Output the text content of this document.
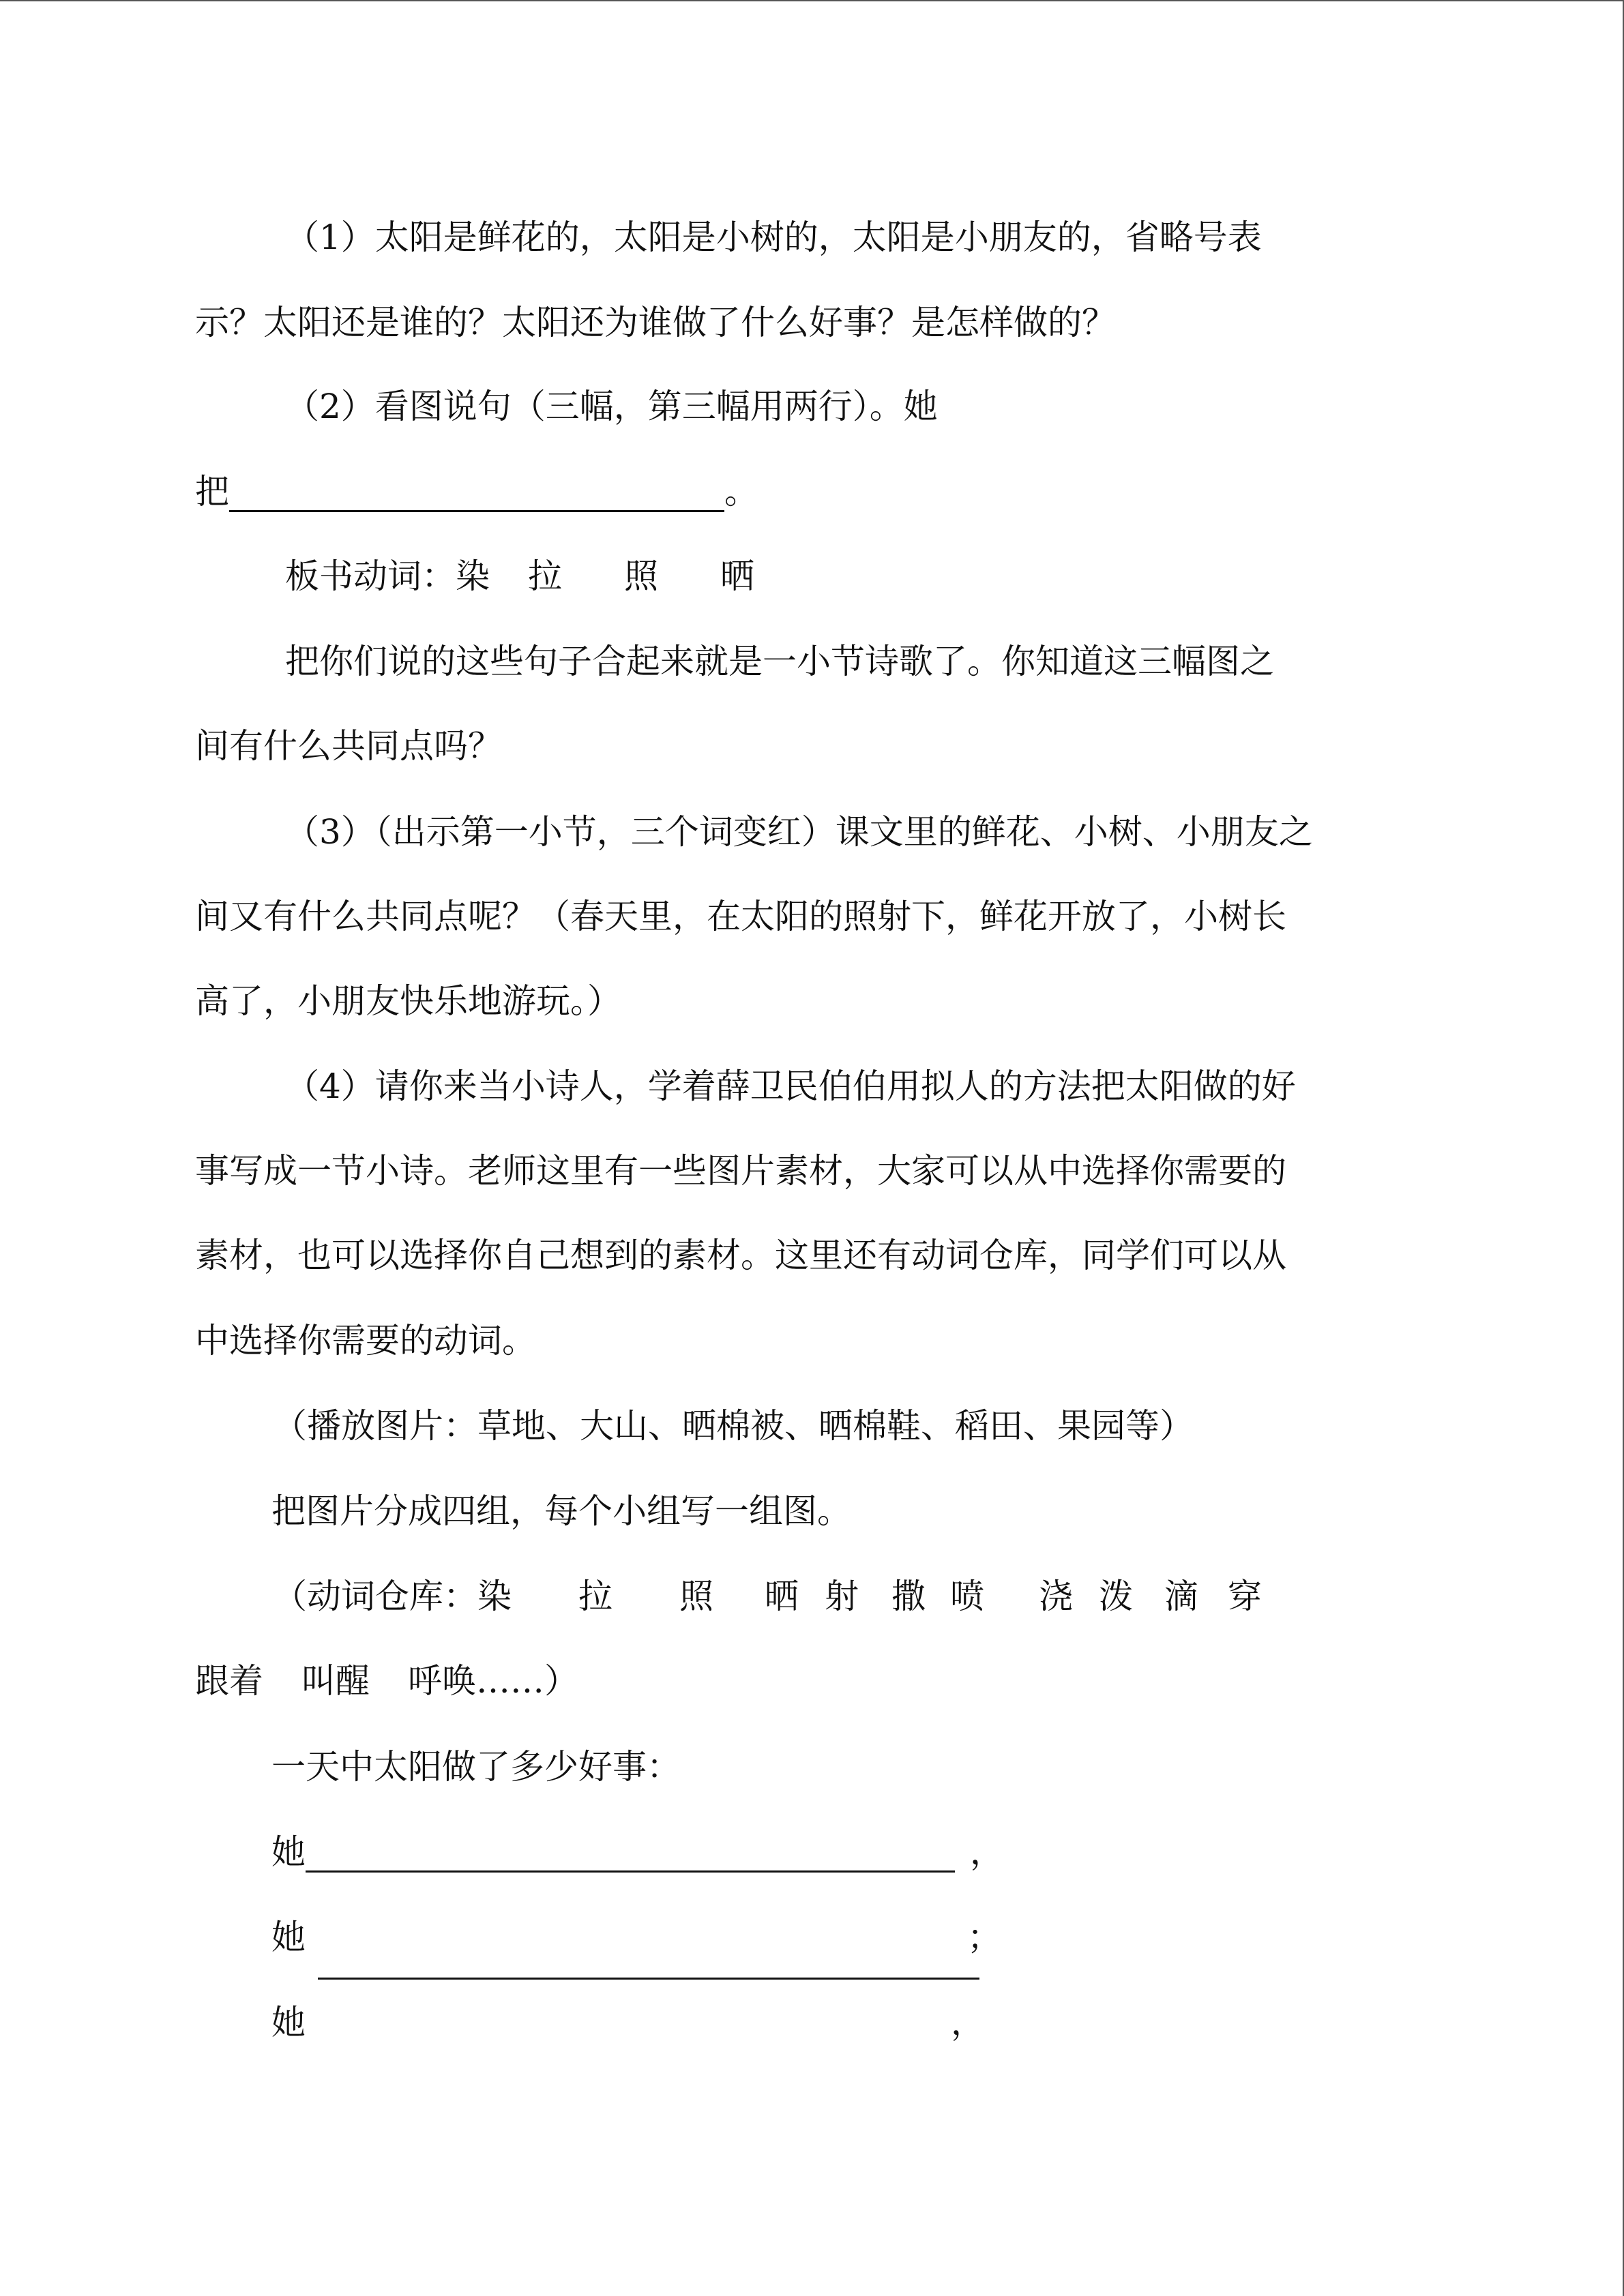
（1）太阳是鲜花的，太阳是小树的，太阳是小朋友的，省略号表
示？太阳还是谁的？太阳还为谁做了什么好事？是怎样做的？
（2）看图说句（三幅，第三幅用两行）。她
把	。
板书动词：染 拉 照 晒
把你们说的这些句子合起来就是一小节诗歌了。你知道这三幅图之
间有什么共同点吗？
（3）（出示第一小节，三个词变红）课文里的鲜花、小树、小朋友之
间又有什么共同点呢？（春天里，在太阳的照射下，鲜花开放了，小树长
高了，小朋友快乐地游玩。）
（4）请你来当小诗人，学着薛卫民伯伯用拟人的方法把太阳做的好
事写成一节小诗。老师这里有一些图片素材，大家可以从中选择你需要的
素材，也可以选择你自己想到的素材。这里还有动词仓库，同学们可以从
中选择你需要的动词。
（播放图片：草地、大山、晒棉被、晒棉鞋、稻田、果园等）
把图片分成四组，每个小组写一组图。
（动词仓库：染 拉 照 晒 射 撒 喷 浇 泼 滴 穿
跟着 叫醒 呼唤……）
一天中太阳做了多少好事：
她	，
她	；
她	，
